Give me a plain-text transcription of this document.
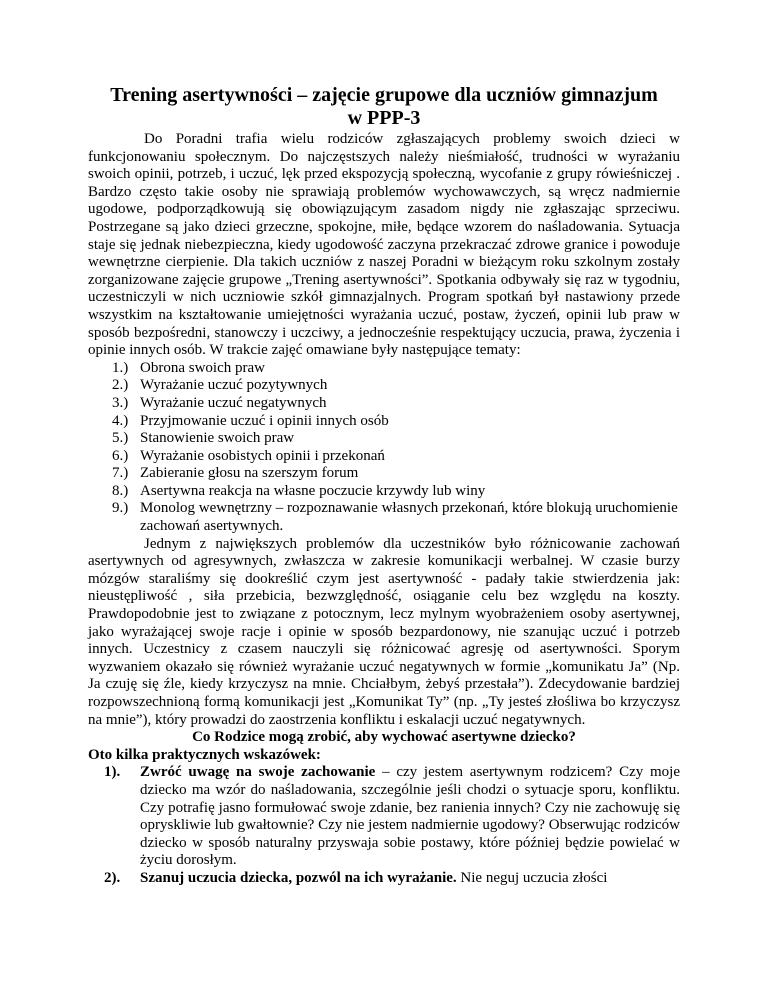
Trening asertywności – zajęcie grupowe dla uczniów gimnazjum
w PPP-3

Do Poradni trafia wielu rodziców zgłaszających problemy swoich dzieci w funkcjonowaniu społecznym. Do najczęstszych należy nieśmiałość, trudności w wyrażaniu swoich opinii, potrzeb, i uczuć, lęk przed ekspozycją społeczną, wycofanie z grupy rówieśniczej . Bardzo często takie osoby nie sprawiają problemów wychowawczych, są wręcz nadmiernie ugodowe, podporządkowują się obowiązującym zasadom nigdy nie zgłaszając sprzeciwu. Postrzegane są jako dzieci grzeczne, spokojne, miłe, będące wzorem do naśladowania. Sytuacja staje się jednak niebezpieczna, kiedy ugodowość zaczyna przekraczać zdrowe granice i powoduje wewnętrzne cierpienie. Dla takich uczniów z naszej Poradni w bieżącym roku szkolnym zostały zorganizowane zajęcie grupowe „Trening asertywności”. Spotkania odbywały się raz w tygodniu, uczestniczyli w nich uczniowie szkół gimnazjalnych. Program spotkań był nastawiony przede wszystkim na kształtowanie umiejętności wyrażania uczuć, postaw, życzeń, opinii lub praw w sposób bezpośredni, stanowczy i uczciwy, a jednocześnie respektujący uczucia, prawa, życzenia i opinie innych osób. W trakcie zajęć omawiane były następujące tematy:

1.) Obrona swoich praw
2.) Wyrażanie uczuć pozytywnych
3.) Wyrażanie uczuć negatywnych
4.) Przyjmowanie uczuć i opinii innych osób
5.) Stanowienie swoich praw
6.) Wyrażanie osobistych opinii i przekonań
7.) Zabieranie głosu na szerszym forum
8.) Asertywna reakcja na własne poczucie krzywdy lub winy
9.) Monolog wewnętrzny – rozpoznawanie własnych przekonań, które blokują uruchomienie zachowań asertywnych.

Jednym z największych problemów dla uczestników było różnicowanie zachowań asertywnych od agresywnych, zwłaszcza w zakresie komunikacji werbalnej. W czasie burzy mózgów staraliśmy się dookreślić czym jest asertywność - padały takie stwierdzenia jak: nieustępliwość , siła przebicia, bezwzględność, osiąganie celu bez względu na koszty. Prawdopodobnie jest to związane z potocznym, lecz mylnym wyobrażeniem osoby asertywnej, jako wyrażającej swoje racje i opinie w sposób bezpardonowy, nie szanując uczuć i potrzeb innych. Uczestnicy z czasem nauczyli się różnicować agresję od asertywności. Sporym wyzwaniem okazało się również wyrażanie uczuć negatywnych w formie „komunikatu Ja” (Np. Ja czuję się źle, kiedy krzyczysz na mnie. Chciałbym, żebyś przestała”). Zdecydowanie bardziej rozpowszechnioną formą komunikacji jest „Komunikat Ty” (np. „Ty jesteś złośliwa bo krzyczysz na mnie”), który prowadzi do zaostrzenia konfliktu i eskalacji uczuć negatywnych.

Co Rodzice mogą zrobić, aby wychować asertywne dziecko?

Oto kilka praktycznych wskazówek:

1). Zwróć uwagę na swoje zachowanie – czy jestem asertywnym rodzicem? Czy moje dziecko ma wzór do naśladowania, szczególnie jeśli chodzi o sytuacje sporu, konfliktu. Czy potrafię jasno formułować swoje zdanie, bez ranienia innych? Czy nie zachowuję się opryskliwie lub gwałtownie? Czy nie jestem nadmiernie ugodowy? Obserwując rodziców dziecko w sposób naturalny przyswaja sobie postawy, które później będzie powielać w życiu dorosłym.
2). Szanuj uczucia dziecka, pozwól na ich wyrażanie. Nie neguj uczucia złości
